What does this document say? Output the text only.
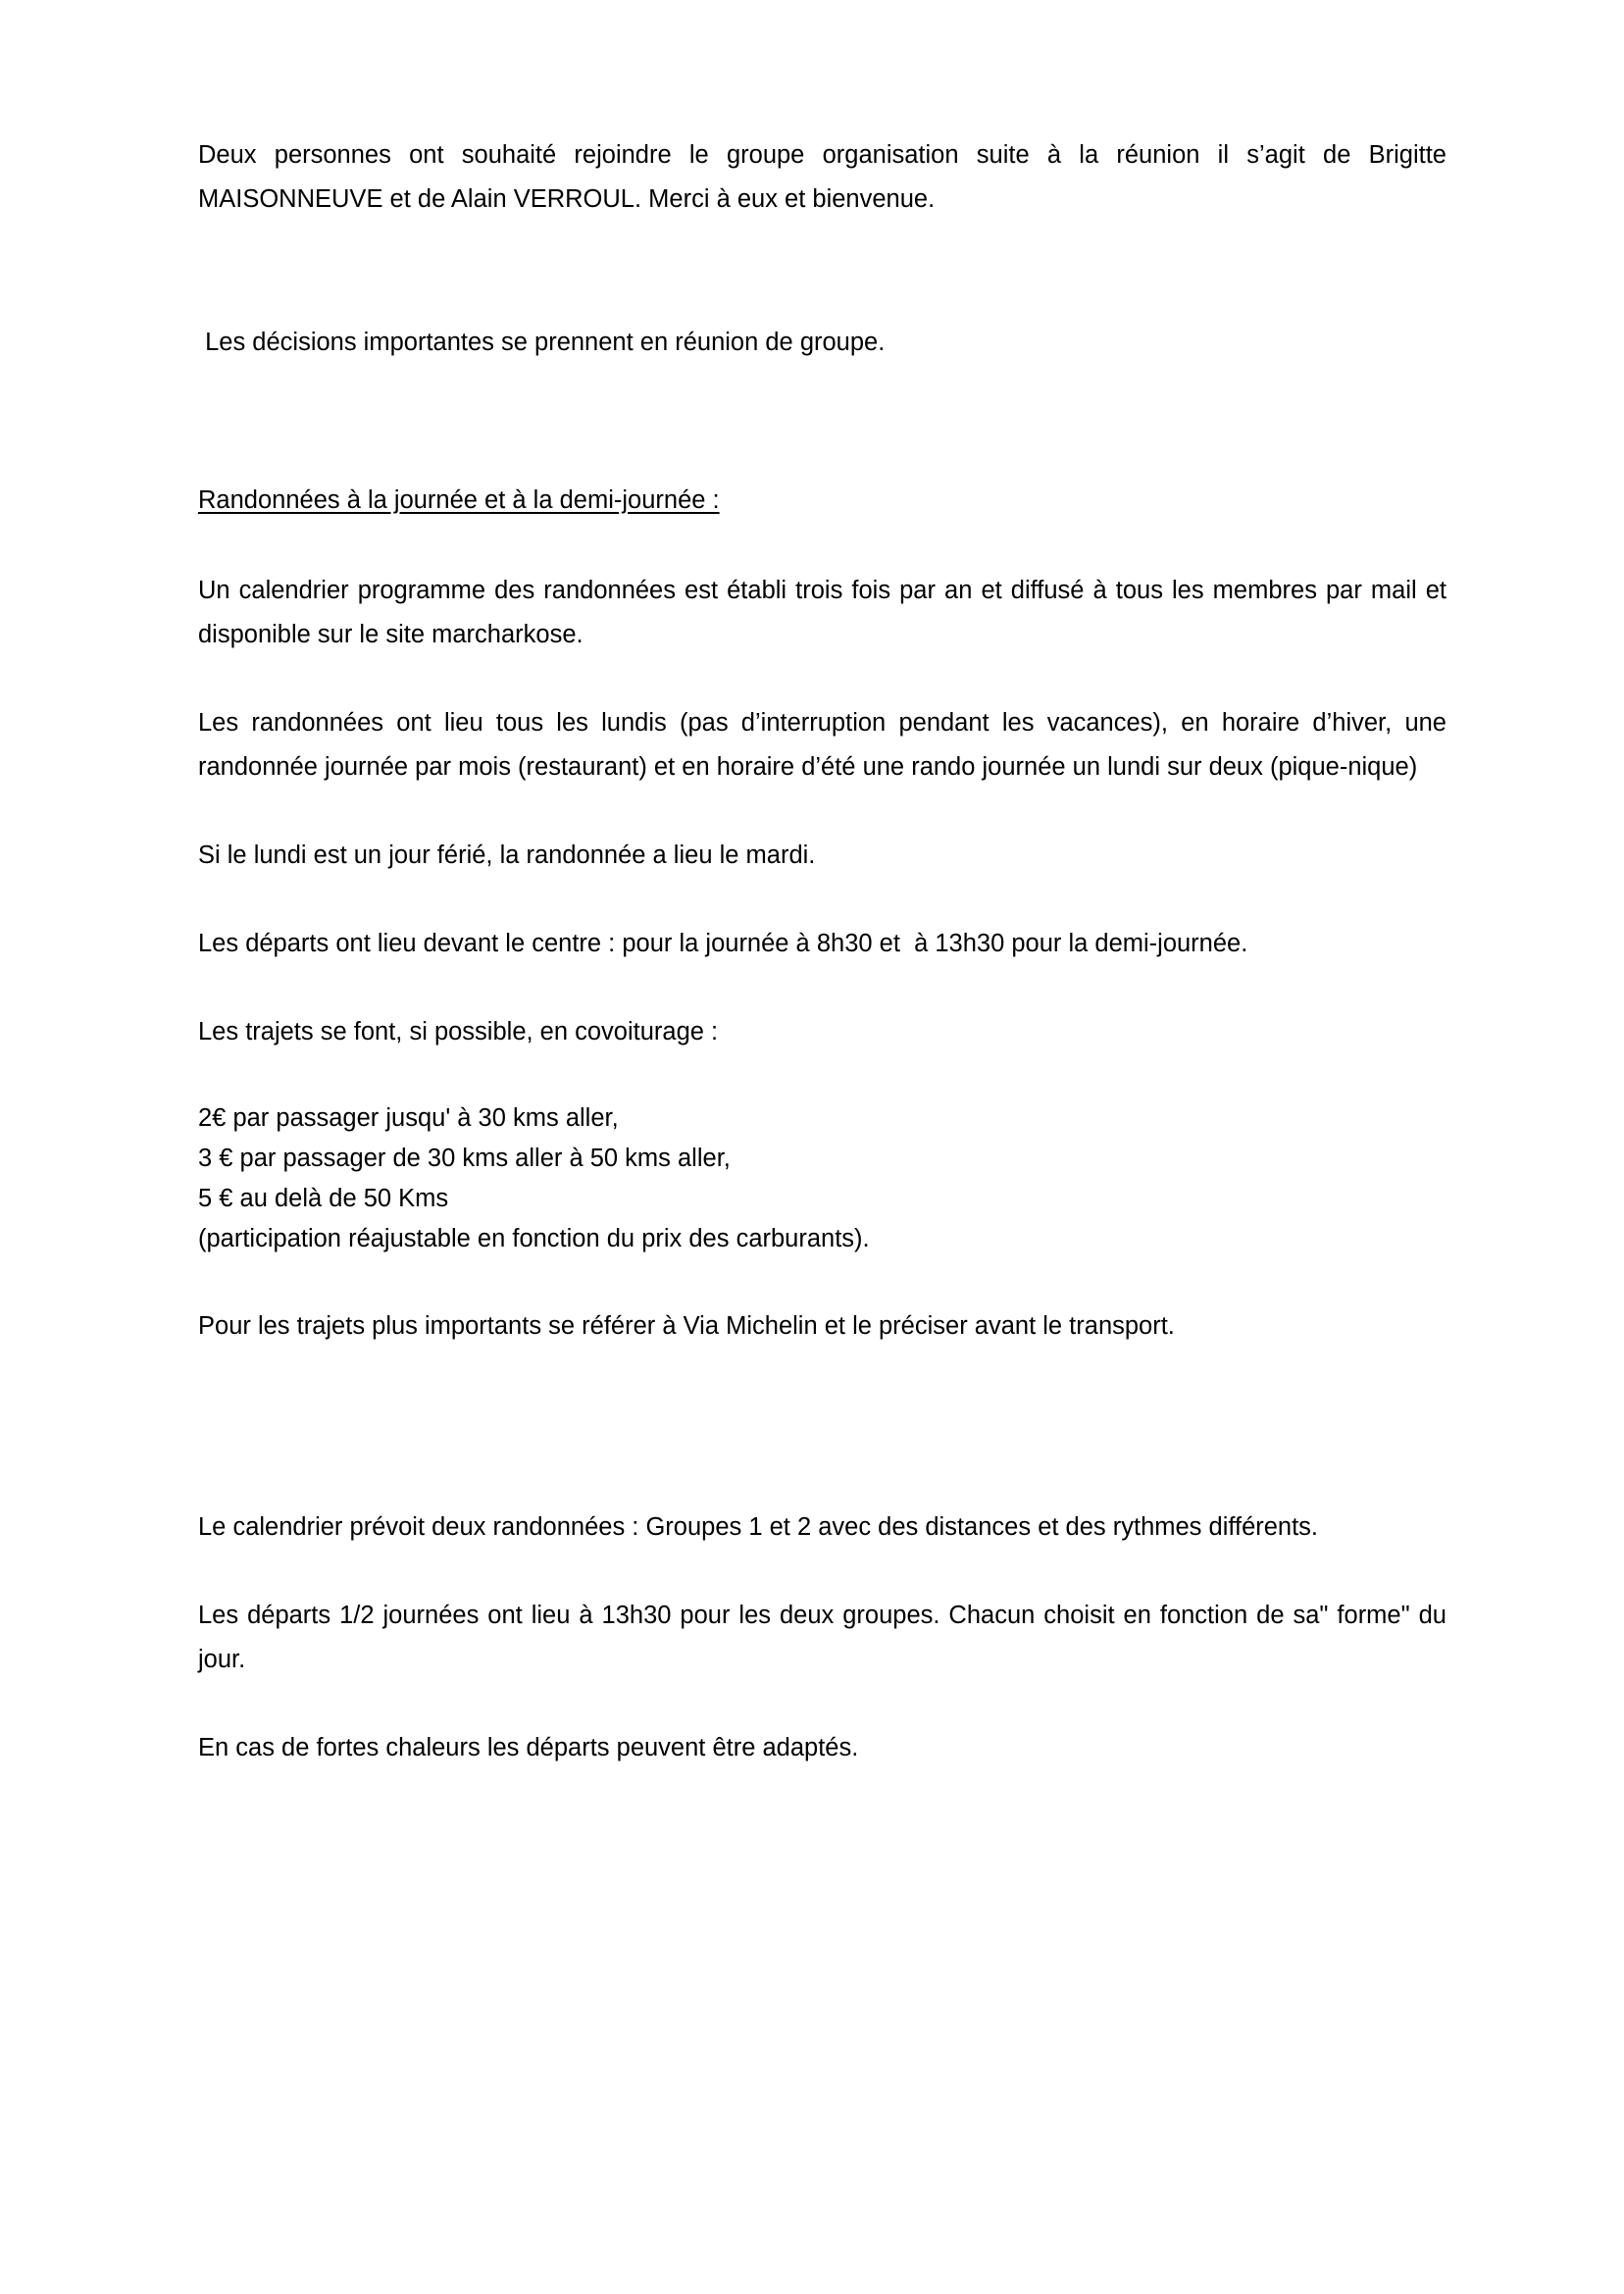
Deux personnes ont souhaité rejoindre le groupe organisation suite à la réunion il s’agit de Brigitte MAISONNEUVE et de Alain VERROUL. Merci à eux et bienvenue.

Les décisions importantes se prennent en réunion de groupe.

Randonnées à la journée et à la demi-journée :

Un calendrier programme des randonnées est établi trois fois par an et diffusé à tous les membres par mail et disponible sur le site marcharkose.

Les randonnées ont lieu tous les lundis (pas d’interruption pendant les vacances), en horaire d’hiver, une randonnée journée par mois (restaurant) et en horaire d’été une rando journée un lundi sur deux (pique-nique)

Si le lundi est un jour férié, la randonnée a lieu le mardi.

Les départs ont lieu devant le centre : pour la journée à 8h30 et  à 13h30 pour la demi-journée.

Les trajets se font, si possible, en covoiturage :

2€ par passager jusqu' à 30 kms aller,
3 € par passager de 30 kms aller à 50 kms aller,
5 € au delà de 50 Kms
(participation réajustable en fonction du prix des carburants).

Pour les trajets plus importants se référer à Via Michelin et le préciser avant le transport.

Le calendrier prévoit deux randonnées : Groupes 1 et 2 avec des distances et des rythmes différents.

Les départs 1/2 journées ont lieu à 13h30 pour les deux groupes. Chacun choisit en fonction de sa" forme" du jour.

En cas de fortes chaleurs les départs peuvent être adaptés.
